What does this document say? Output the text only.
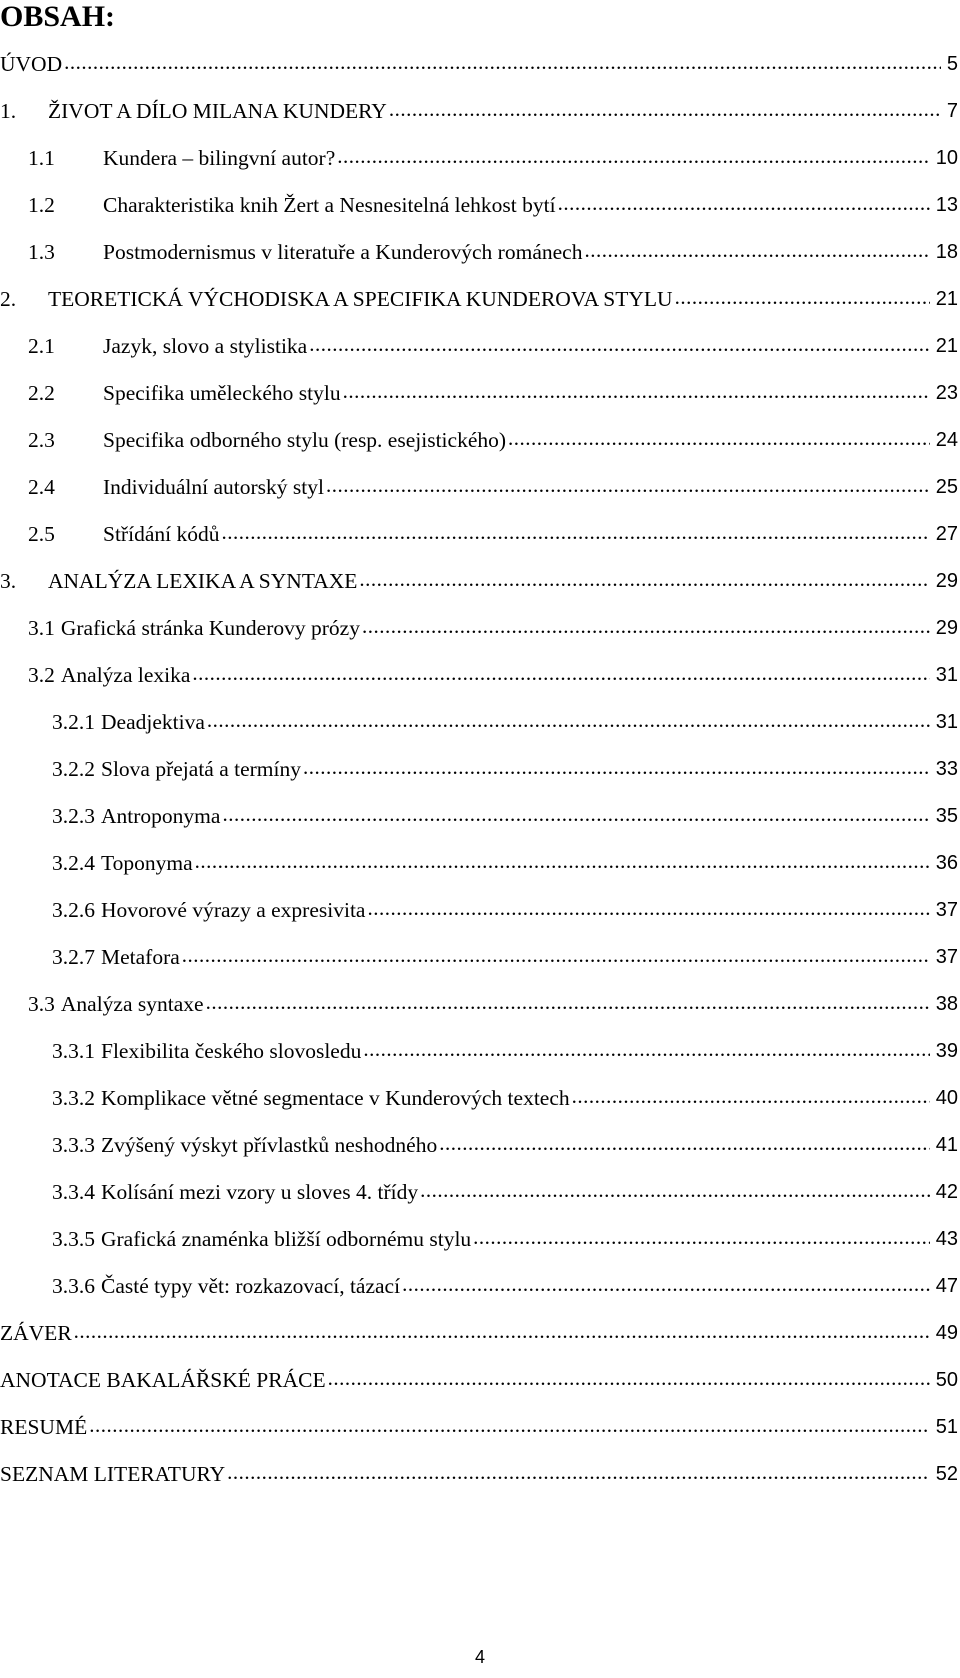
OBSAH:
ÚVOD .....	5
1.	ŽIVOT A DÍLO MILANA KUNDERY .....	7
1.1	Kundera – bilingvní autor? .....	10
1.2	Charakteristika knih Žert a Nesnesitelná lehkost bytí .....	13
1.3	Postmodernismus v literatuře a Kunderových románech .....	18
2.	TEORETICKÁ VÝCHODISKA A SPECIFIKA KUNDEROVA STYLU .....	21
2.1	Jazyk, slovo a stylistika .....	21
2.2	Specifika uměleckého stylu .....	23
2.3	Specifika odborného stylu (resp. esejistického) .....	24
2.4	Individuální autorský styl .....	25
2.5	Střídání kódů .....	27
3.	ANALÝZA LEXIKA A SYNTAXE .....	29
3.1 Grafická stránka Kunderovy prózy .....	29
3.2 Analýza lexika .....	31
3.2.1 Deadjektiva .....	31
3.2.2 Slova přejatá a termíny .....	33
3.2.3 Antroponyma .....	35
3.2.4 Toponyma .....	36
3.2.6 Hovorové výrazy a expresivita .....	37
3.2.7 Metafora .....	37
3.3 Analýza syntaxe .....	38
3.3.1 Flexibilita českého slovosledu .....	39
3.3.2 Komplikace větné segmentace v Kunderových textech .....	40
3.3.3 Zvýšený výskyt přívlastků neshodného .....	41
3.3.4 Kolísání mezi vzory u sloves 4. třídy .....	42
3.3.5 Grafická znaménka bližší odbornému stylu .....	43
3.3.6 Časté typy vět: rozkazovací, tázací .....	47
ZÁVER .....	49
ANOTACE BAKALÁŘSKÉ PRÁCE .....	50
RESUMÉ .....	51
SEZNAM LITERATURY .....	52
4
